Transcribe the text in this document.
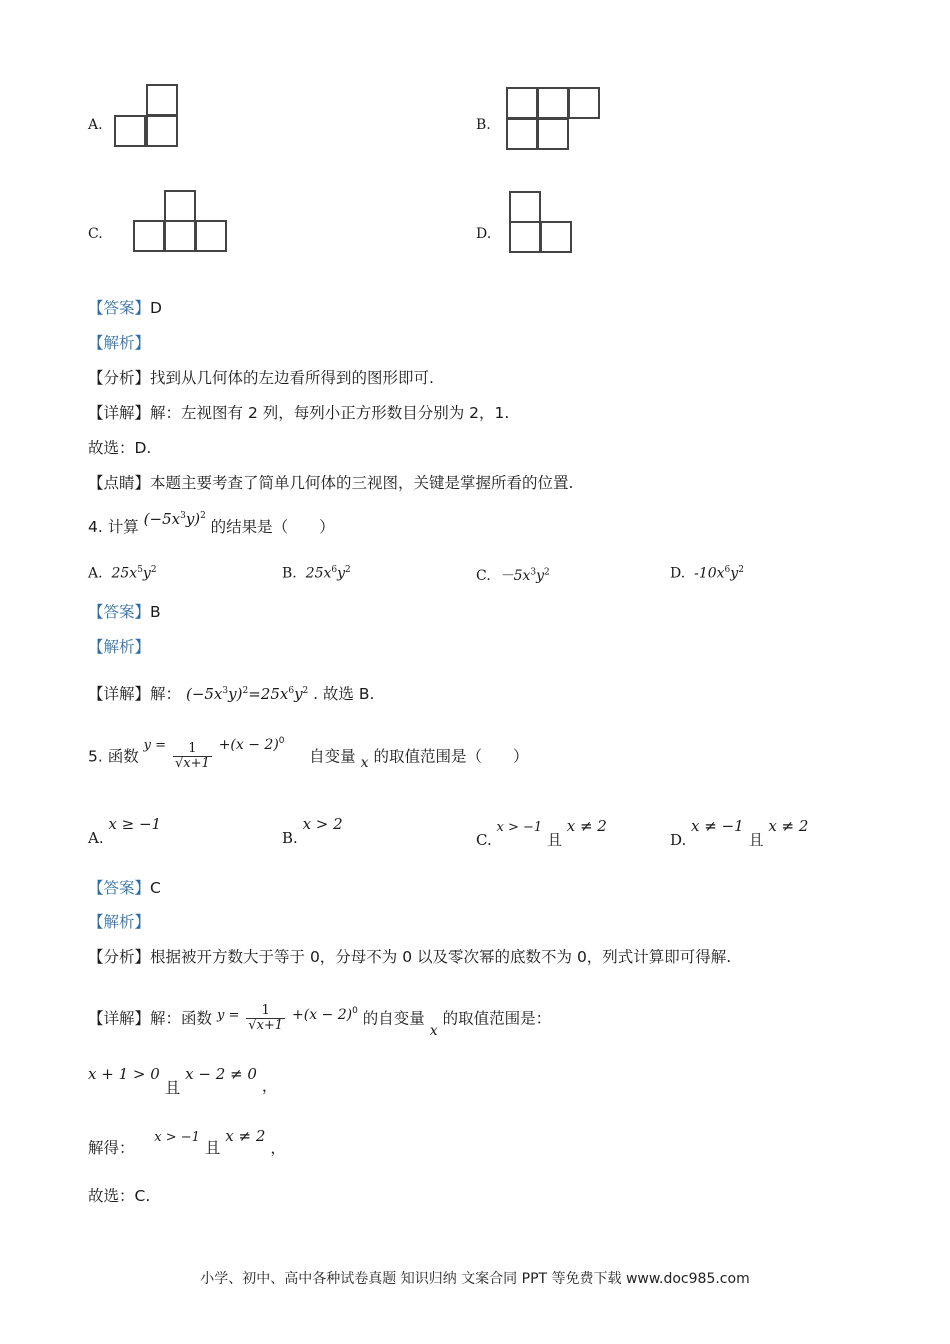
A.	B.
C.	D.
【答案】D
【解析】
【分析】找到从几何体的左边看所得到的图形即可.
【详解】解：左视图有 2 列，每列小正方形数目分别为 2，1.
故选：D.
【点睛】本题主要考查了简单几何体的三视图，关键是掌握所看的位置.
4. 计算 $(-5x^3y)^2$ 的结果是（　　）
A. $25x^5y^2$	B. $25x^6y^2$	C. $-5x^3y^2$	D. $-10x^6y^2$
【答案】B
【解析】
【详解】解： $(-5x^3y)^2=25x^6y^2$ . 故选 B.
5. 函数 $^{y =} \frac{1}{√x+1} +(x - 2)^0$     自变量 x 的取值范围是（　　）
A. x ≥ −1
B. x > 2
C. x > −1 且 x ≠ 2
D. x ≠ −1 且 x ≠ 2
【答案】C
【解析】
【分析】根据被开方数大于等于 0，分母不为 0 以及零次幂的底数不为 0，列式计算即可得解.
【详解】解：函数 $^{y =} \frac{1}{√x+1} +(x - 2)^0$ 的自变量 x 的取值范围是：
x + 1 > 0 且 x − 2 ≠ 0 ，
解得：    x > −1 且 x ≠ 2 ，
故选：C.
小学、初中、高中各种试卷真题 知识归纳 文案合同 PPT 等免费下载 www.doc985.com
